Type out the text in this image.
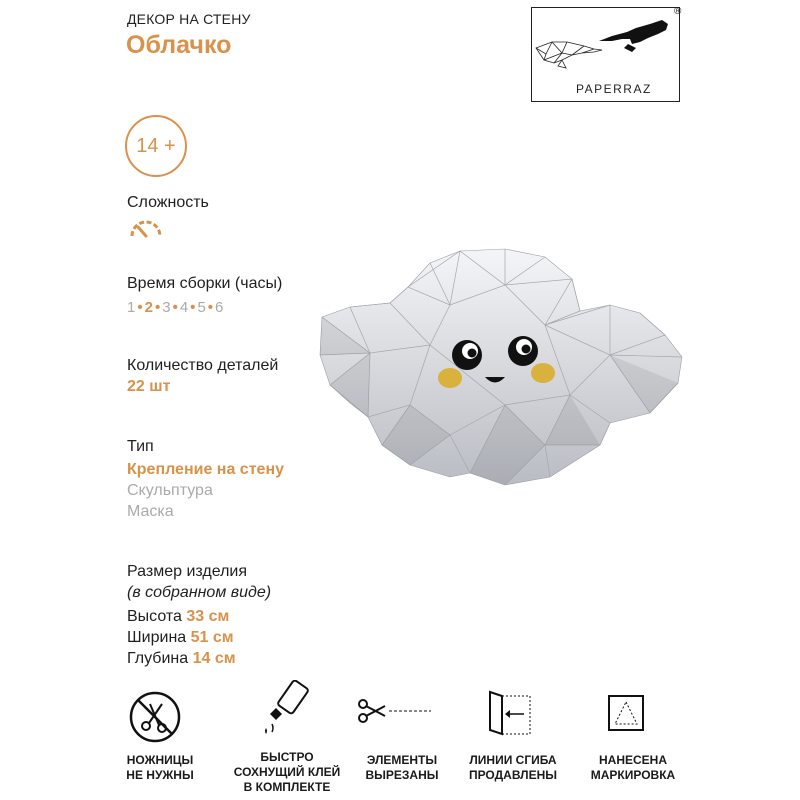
ДЕКОР НА СТЕНУ
Облачко
PAPERRAZ
®
14 +
Сложность
Время сборки (часы)
1 • 2 • 3 • 4 • 5 • 6
Количество деталей
22 шт
Тип
Крепление на стену
Скульптура
Маска
Размер изделия
(в собранном виде)
Высота 33 см
Ширина 51 см
Глубина 14 см
НОЖНИЦЫ
НЕ НУЖНЫ
БЫСТРО
СОХНУЩИЙ КЛЕЙ
В КОМПЛЕКТЕ
ЭЛЕМЕНТЫ
ВЫРЕЗАНЫ
ЛИНИИ СГИБА
ПРОДАВЛЕНЫ
НАНЕСЕНА
МАРКИРОВКА
